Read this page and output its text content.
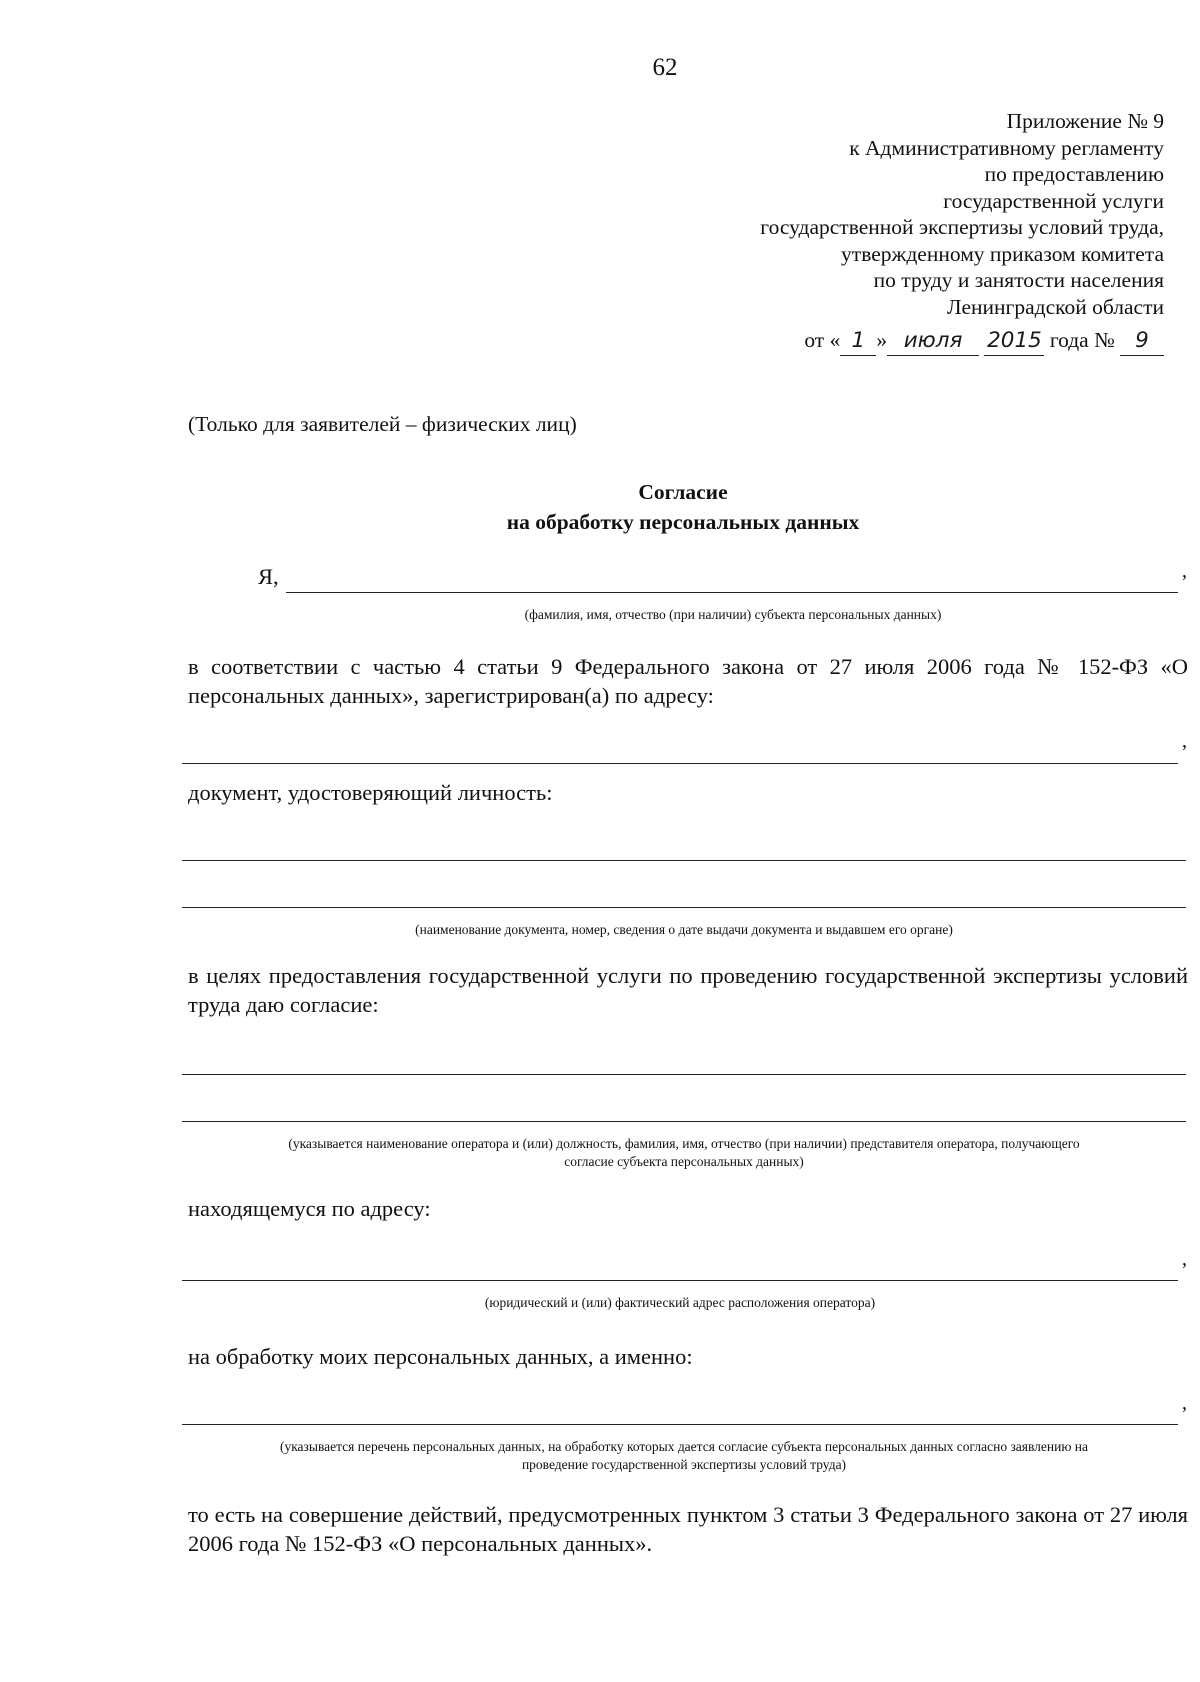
62
Приложение № 9
к Административному регламенту
по предоставлению
государственной услуги
государственной экспертизы условий труда,
утвержденному приказом комитета
по труду и занятости населения
Ленинградской области
от « 1 » июля 2015 года № 9
(Только для заявителей – физических лиц)
Согласие
на обработку персональных данных
Я,	,
(фамилия, имя, отчество (при наличии) субъекта персональных данных)
в соответствии с частью 4 статьи 9 Федерального закона от 27 июля 2006 года № 152-ФЗ «О персональных данных», зарегистрирован(а) по адресу:
,
документ, удостоверяющий личность:
(наименование документа, номер, сведения о дате выдачи документа и выдавшем его органе)
в целях предоставления государственной услуги по проведению государственной экспертизы условий труда даю согласие:
(указывается наименование оператора и (или) должность, фамилия, имя, отчество (при наличии) представителя оператора, получающего
согласие субъекта персональных данных)
находящемуся по адресу:
,
(юридический и (или) фактический адрес расположения оператора)
на обработку моих персональных данных, а именно:
,
(указывается перечень персональных данных, на обработку которых дается согласие субъекта персональных данных согласно заявлению на
проведение государственной экспертизы условий труда)
то есть на совершение действий, предусмотренных пунктом 3 статьи 3 Федерального закона от 27 июля 2006 года № 152-ФЗ «О персональных данных».
